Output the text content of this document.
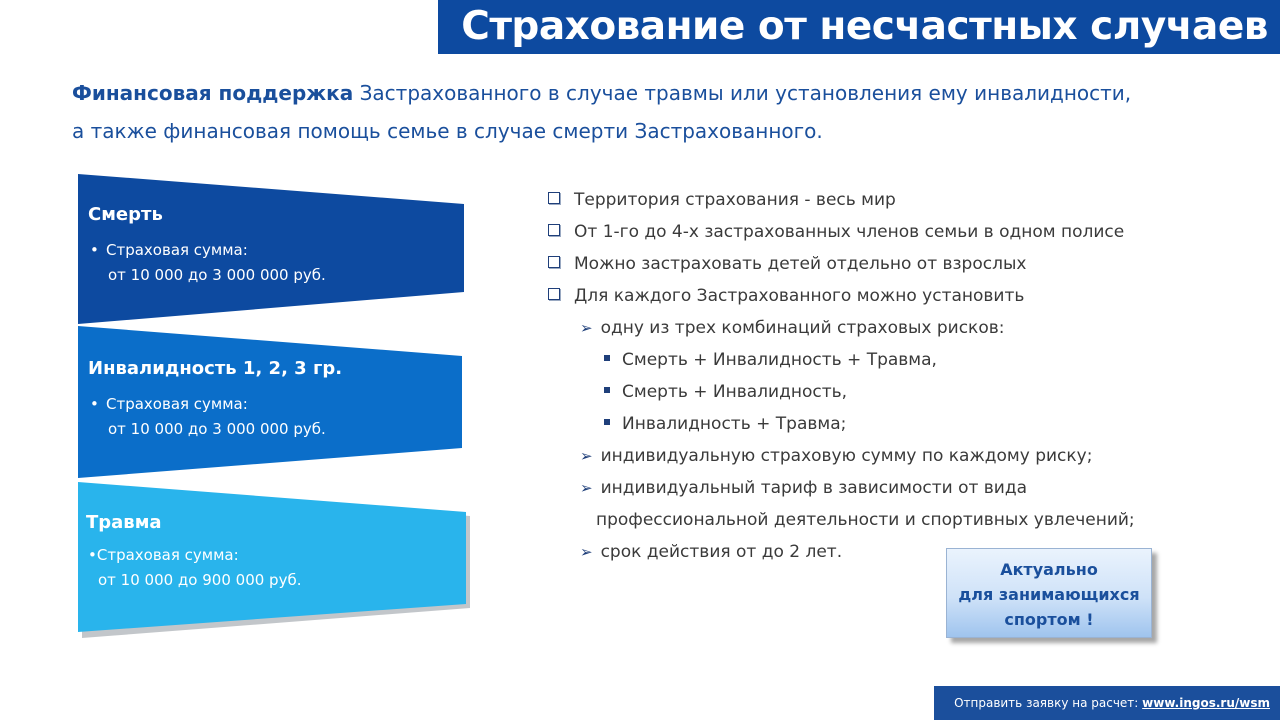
Страхование от несчастных случаев
Финансовая поддержка Застрахованного в случае травмы или установления ему инвалидности,
а также финансовая помощь семье в случае смерти Застрахованного.
Смерть
• Страховая сумма:
от 10 000 до 3 000 000 руб.
Инвалидность 1, 2, 3 гр.
• Страховая сумма:
от 10 000 до 3 000 000 руб.
Травма
•Страховая сумма:
от 10 000 до 900 000 руб.
Территория страхования - весь мир
От 1-го до 4-х застрахованных членов семьи в одном полисе
Можно застраховать детей отдельно от взрослых
Для каждого Застрахованного можно установить
➢ одну из трех комбинаций страховых рисков:
Смерть + Инвалидность + Травма,
Смерть + Инвалидность,
Инвалидность + Травма;
➢ индивидуальную страховую сумму по каждому риску;
➢ индивидуальный тариф в зависимости от вида
профессиональной деятельности и спортивных увлечений;
➢ срок действия от до 2 лет.
Актуально
для занимающихся
спортом !
Отправить заявку на расчет: www.ingos.ru/wsm
